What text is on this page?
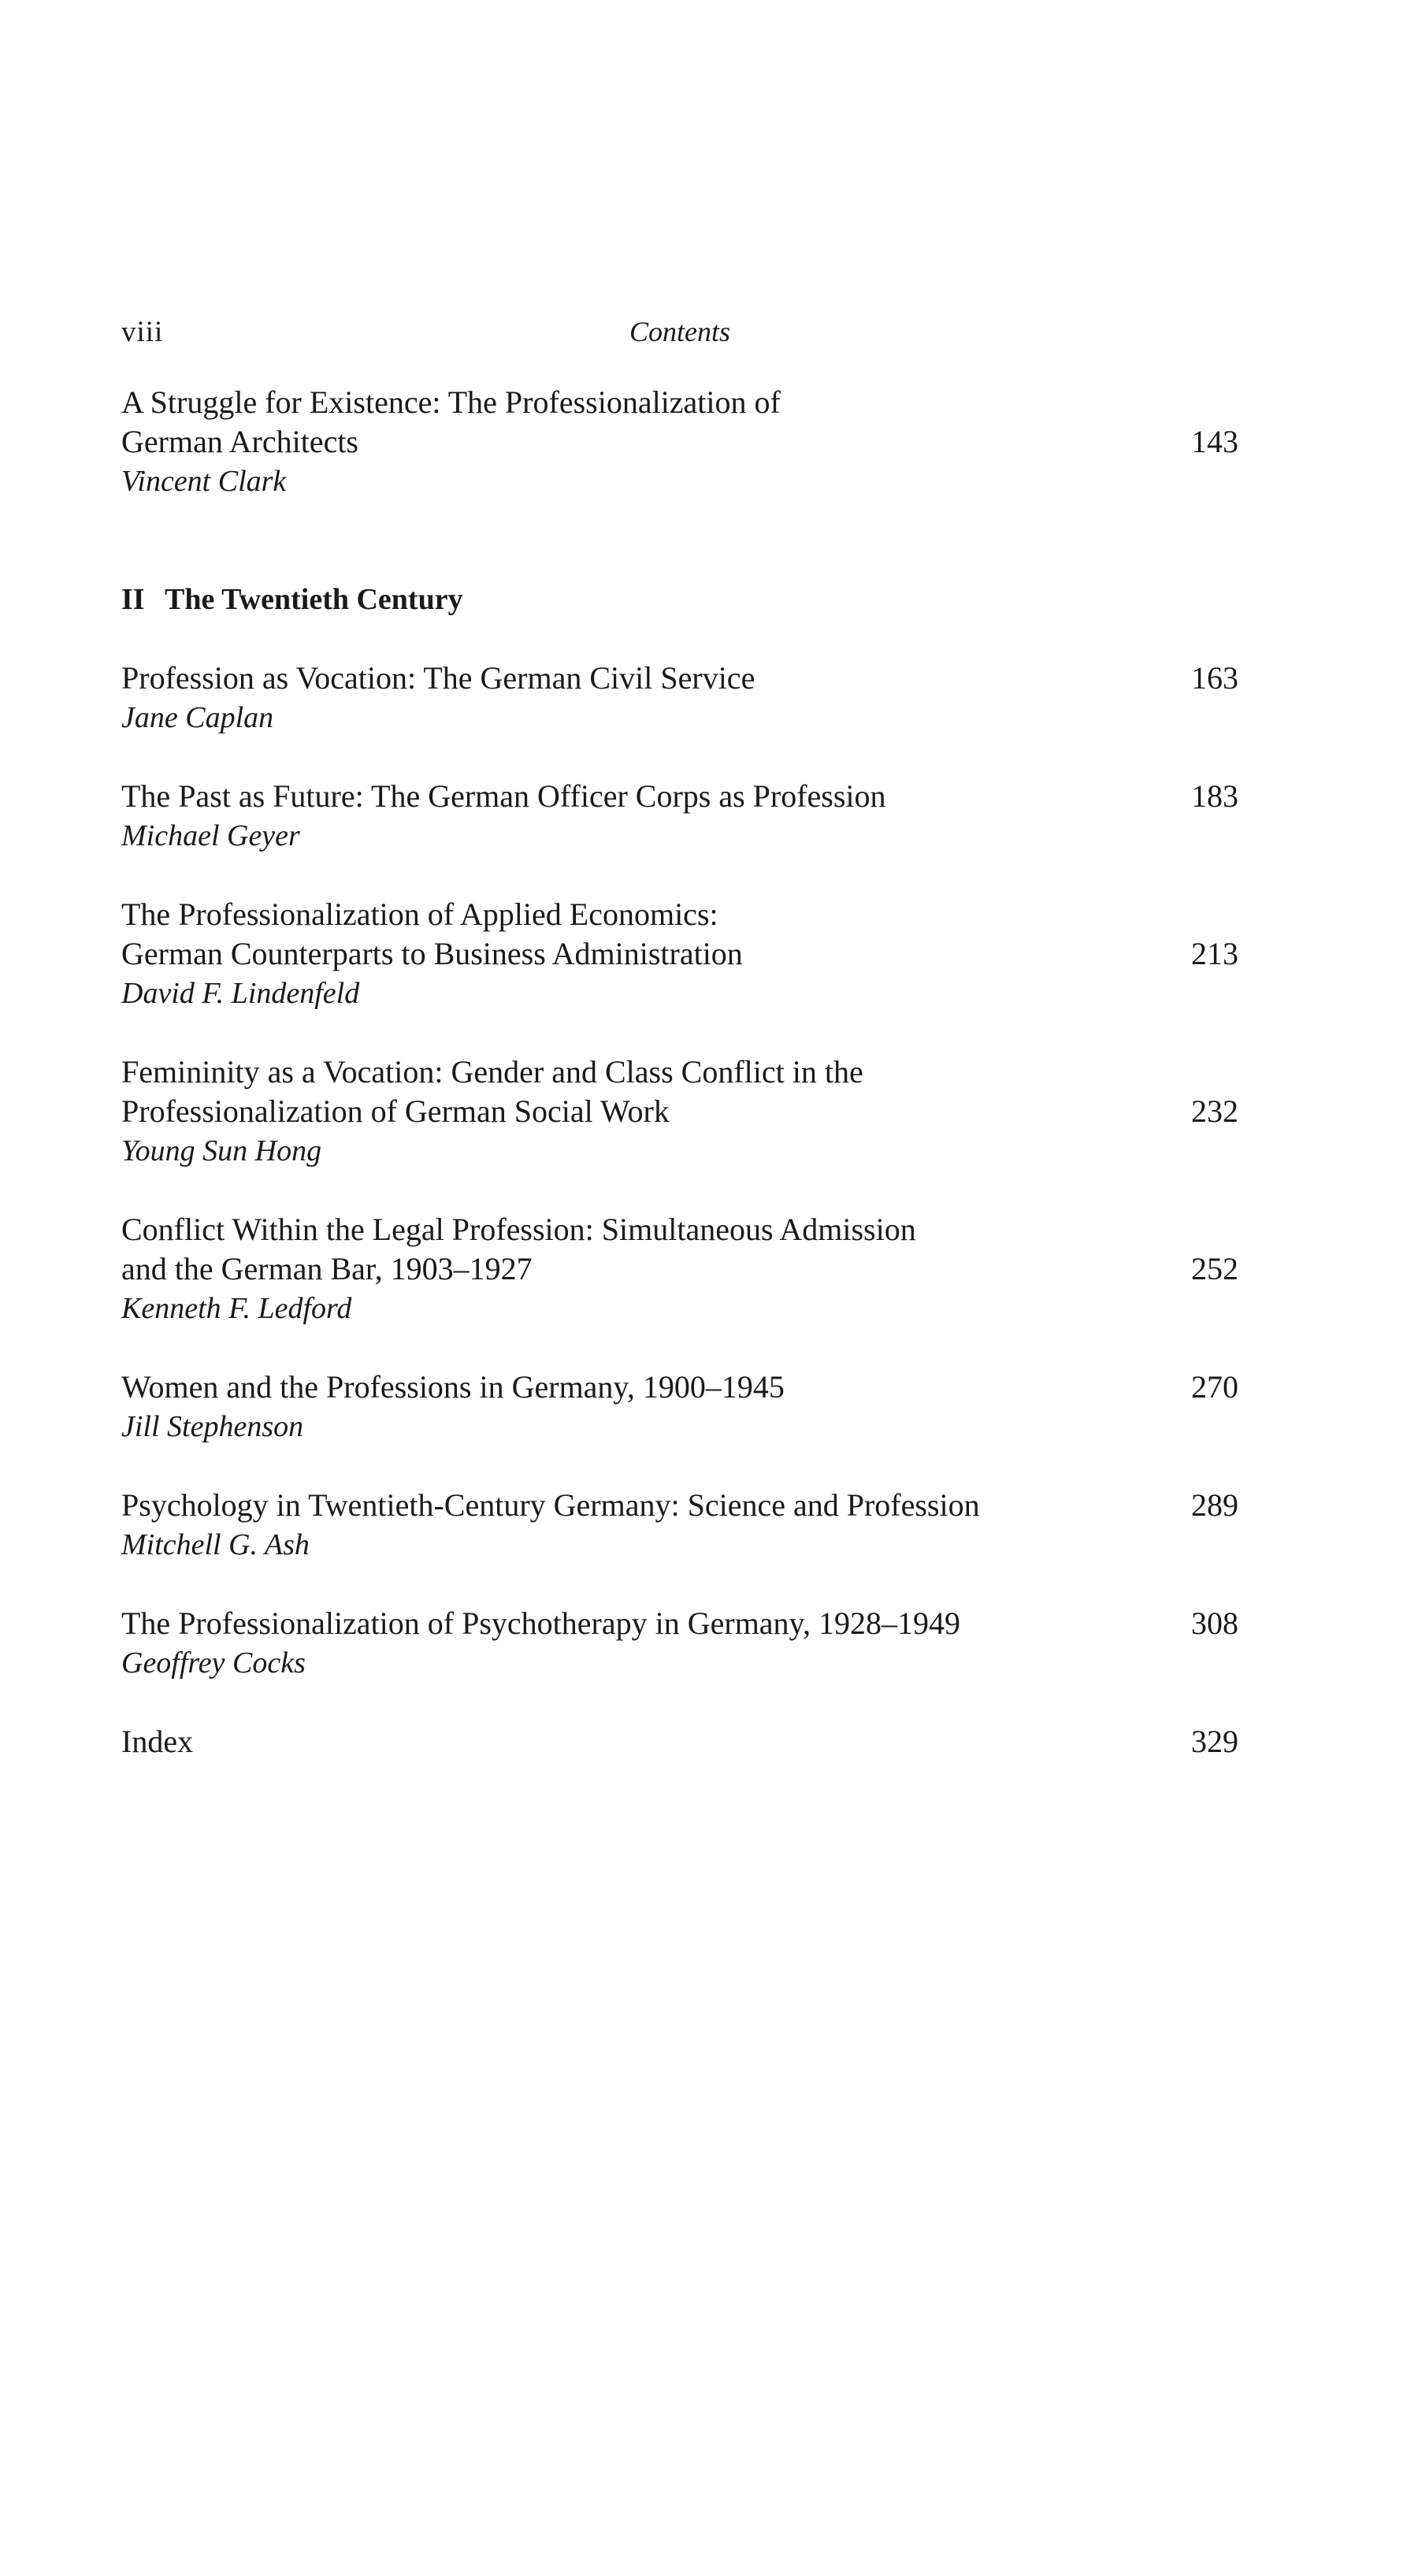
viii	Contents
A Struggle for Existence: The Professionalization of
German Architects	143
Vincent Clark
II The Twentieth Century
Profession as Vocation: The German Civil Service	163
Jane Caplan
The Past as Future: The German Officer Corps as Profession	183
Michael Geyer
The Professionalization of Applied Economics:
German Counterparts to Business Administration	213
David F. Lindenfeld
Femininity as a Vocation: Gender and Class Conflict in the
Professionalization of German Social Work	232
Young Sun Hong
Conflict Within the Legal Profession: Simultaneous Admission
and the German Bar, 1903–1927	252
Kenneth F. Ledford
Women and the Professions in Germany, 1900–1945	270
Jill Stephenson
Psychology in Twentieth-Century Germany: Science and Profession	289
Mitchell G. Ash
The Professionalization of Psychotherapy in Germany, 1928–1949	308
Geoffrey Cocks
Index	329
